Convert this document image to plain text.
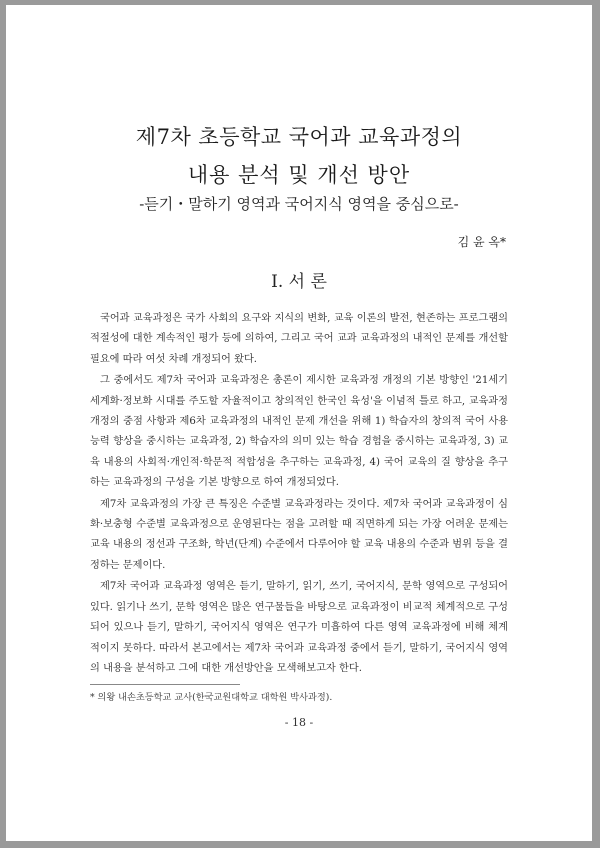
제7차 초등학교 국어과 교육과정의
내용 분석 및 개선 방안
-듣기・말하기 영역과 국어지식 영역을 중심으로-
김 윤 옥*
Ⅰ. 서 론

국어과 교육과정은 국가 사회의 요구와 지식의 변화, 교육 이론의 발전, 현존하는 프로그램의 적절성에 대한 계속적인 평가 등에 의하여, 그리고 국어 교과 교육과정의 내적인 문제를 개선할 필요에 따라 여섯 차례 개정되어 왔다.

그 중에서도 제7차 국어과 교육과정은 총론이 제시한 교육과정 개정의 기본 방향인 '21세기 세계화·정보화 시대를 주도할 자율적이고 창의적인 한국인 육성'을 이념적 틀로 하고, 교육과정 개정의 중점 사항과 제6차 교육과정의 내적인 문제 개선을 위해 1) 학습자의 창의적 국어 사용 능력 향상을 중시하는 교육과정, 2) 학습자의 의미 있는 학습 경험을 중시하는 교육과정, 3) 교육 내용의 사회적·개인적·학문적 적합성을 추구하는 교육과정, 4) 국어 교육의 질 향상을 추구하는 교육과정의 구성을 기본 방향으로 하여 개정되었다.

제7차 교육과정의 가장 큰 특징은 수준별 교육과정라는 것이다. 제7차 국어과 교육과정이 심화·보충형 수준별 교육과정으로 운영된다는 점을 고려할 때 직면하게 되는 가장 어려운 문제는 교육 내용의 정선과 구조화, 학년(단계) 수준에서 다루어야 할 교육 내용의 수준과 범위 등을 결정하는 문제이다.

제7차 국어과 교육과정 영역은 듣기, 말하기, 읽기, 쓰기, 국어지식, 문학 영역으로 구성되어 있다. 읽기나 쓰기, 문학 영역은 많은 연구물들을 바탕으로 교육과정이 비교적 체계적으로 구성되어 있으나 듣기, 말하기, 국어지식 영역은 연구가 미흡하여 다른 영역 교육과정에 비해 체계적이지 못하다. 따라서 본고에서는 제7차 국어과 교육과정 중에서 듣기, 말하기, 국어지식 영역의 내용을 분석하고 그에 대한 개선방안을 모색해보고자 한다.

* 의왕 내손초등학교 교사(한국교원대학교 대학원 박사과정).
- 18 -
